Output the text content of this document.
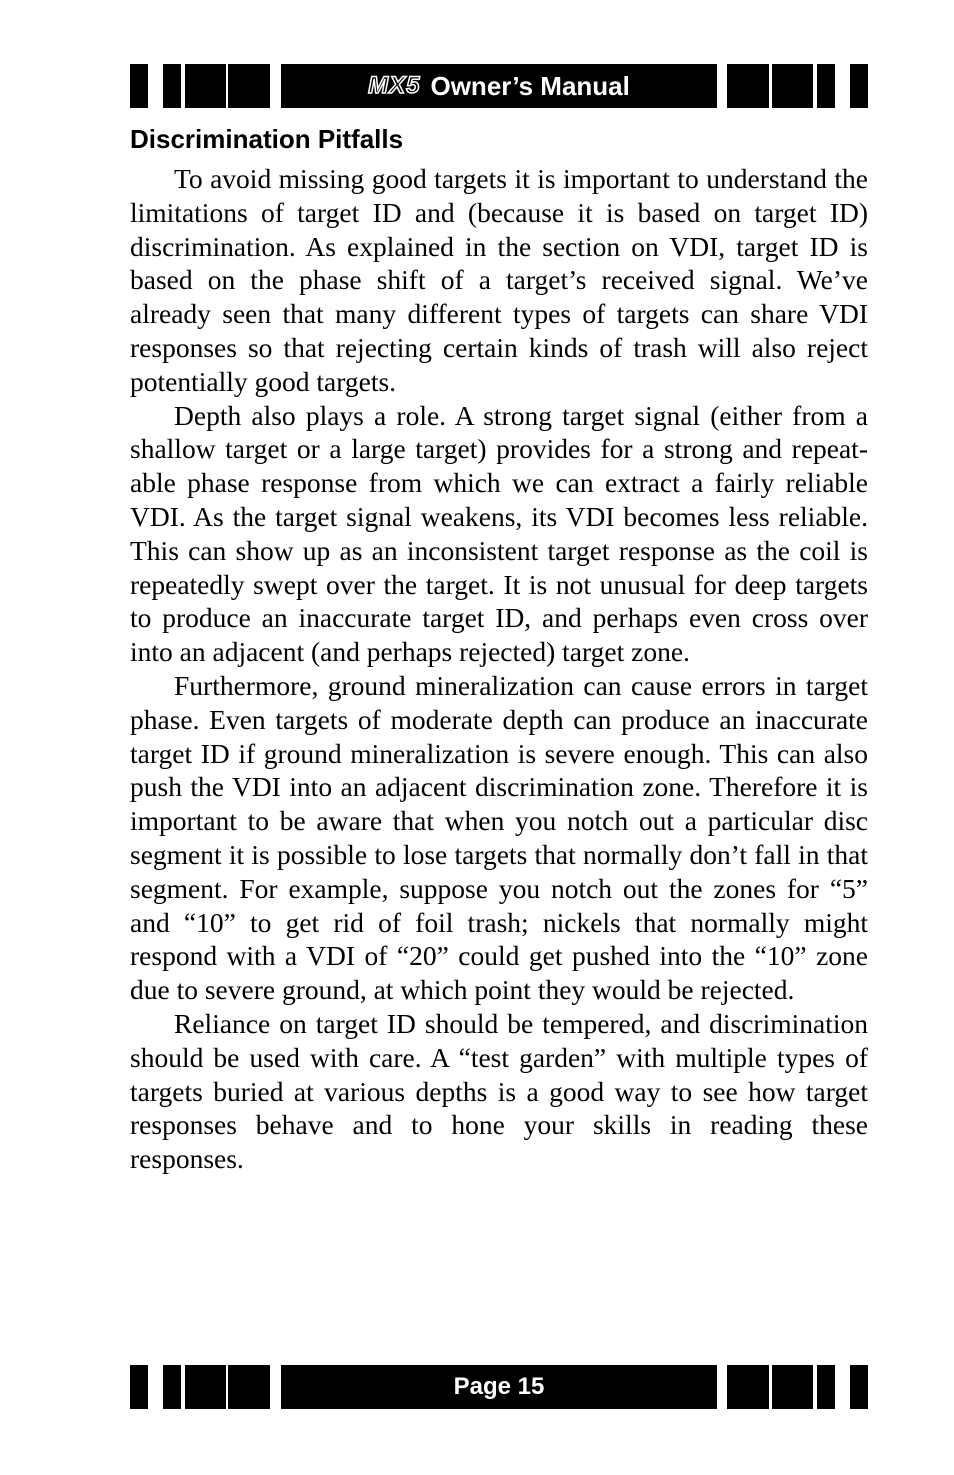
MX5 Owner’s Manual
Discrimination Pitfalls

To avoid missing good targets it is important to understand the limitations of target ID and (because it is based on target ID) discrimination. As explained in the section on VDI, target ID is based on the phase shift of a target’s received signal. We’ve already seen that many different types of targets can share VDI responses so that rejecting certain kinds of trash will also reject potentially good targets.

Depth also plays a role. A strong target signal (either from a shallow target or a large target) provides for a strong and repeatable phase response from which we can extract a fairly reliable VDI. As the target signal weakens, its VDI becomes less reliable. This can show up as an inconsistent target response as the coil is repeatedly swept over the target. It is not unusual for deep targets to produce an inaccurate target ID, and perhaps even cross over into an adjacent (and perhaps rejected) target zone.

Furthermore, ground mineralization can cause errors in target phase. Even targets of moderate depth can produce an inaccurate target ID if ground mineralization is severe enough. This can also push the VDI into an adjacent discrimination zone. Therefore it is important to be aware that when you notch out a particular disc segment it is possible to lose targets that normally don’t fall in that segment. For example, suppose you notch out the zones for “5” and “10” to get rid of foil trash; nickels that normally might respond with a VDI of “20” could get pushed into the “10” zone due to severe ground, at which point they would be rejected.

Reliance on target ID should be tempered, and discrimination should be used with care. A “test garden” with multiple types of targets buried at various depths is a good way to see how target responses behave and to hone your skills in reading these responses.

Page 15
